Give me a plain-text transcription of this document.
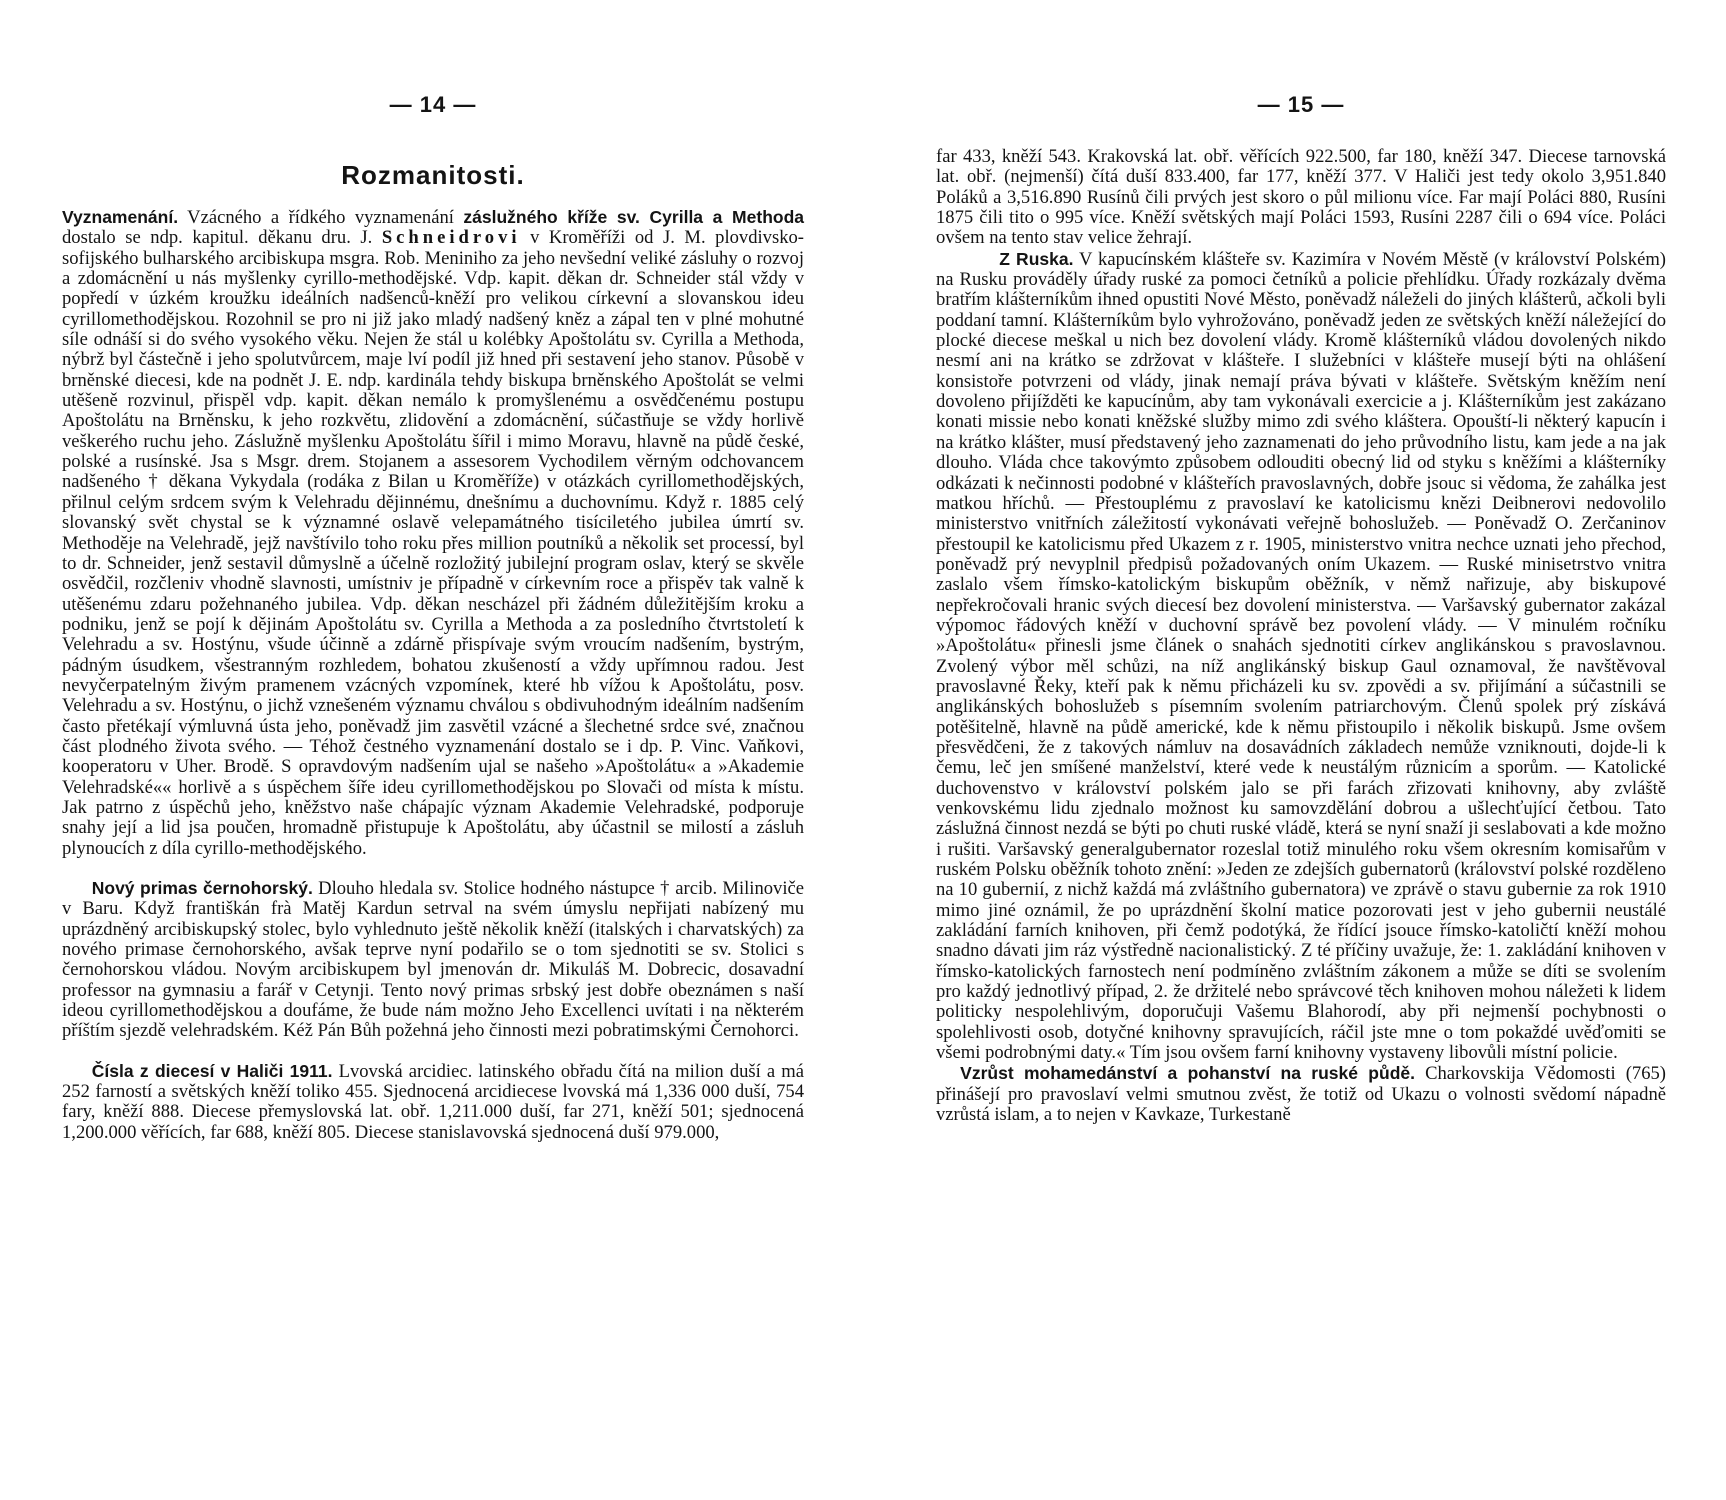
— 14 —
Rozmanitosti.

Vyznamenání. Vzácného a řídkého vyznamenání záslužného kříže sv. Cyrilla a Methoda dostalo se ndp. kapitul. děkanu dru. J. Schneidrovi v Kroměříži od J. M. plovdivsko-sofijského bulharského arcibiskupa msgra. Rob. Meniniho za jeho nevšední veliké zásluhy o rozvoj a zdomácnění u nás myšlenky cyrillo-methodějské. Vdp. kapit. děkan dr. Schneider stál vždy v popředí v úzkém kroužku ideálních nadšenců-kněží pro velikou církevní a slovanskou ideu cyrillomethodějskou. Rozohnil se pro ni již jako mladý nadšený kněz a zápal ten v plné mohutné síle odnáší si do svého vysokého věku. Nejen že stál u kolébky Apoštolátu sv. Cyrilla a Methoda, nýbrž byl částečně i jeho spolutvůrcem, maje lví podíl již hned při sestavení jeho stanov. Působě v brněnské diecesi, kde na podnět J. E. ndp. kardinála tehdy biskupa brněnského Apoštolát se velmi utěšeně rozvinul, přispěl vdp. kapit. děkan nemálo k promyšlenému a osvědčenému postupu Apoštolátu na Brněnsku, k jeho rozkvětu, zlidovění a zdomácnění, súčastňuje se vždy horlivě veškerého ruchu jeho. Záslužně myšlenku Apoštolátu šířil i mimo Moravu, hlavně na půdě české, polské a rusínské. Jsa s Msgr. drem. Stojanem a assesorem Vychodilem věrným odchovancem nadšeného † děkana Vykydala (rodáka z Bilan u Kroměříže) v otázkách cyrillomethodějských, přilnul celým srdcem svým k Velehradu dějinnému, dnešnímu a duchovnímu. Když r. 1885 celý slovanský svět chystal se k významné oslavě velepamátného tisíciletého jubilea úmrtí sv. Methoděje na Velehradě, jejž navštívilo toho roku přes million poutníků a několik set processí, byl to dr. Schneider, jenž sestavil důmyslně a účelně rozložitý jubilejní program oslav, který se skvěle osvědčil, rozčleniv vhodně slavnosti, umístniv je případně v církevním roce a přispěv tak valně k utěšenému zdaru požehnaného jubilea. Vdp. děkan nescházel při žádném důležitějším kroku a podniku, jenž se pojí k dějinám Apoštolátu sv. Cyrilla a Methoda a za posledního čtvrtstoletí k Velehradu a sv. Hostýnu, všude účinně a zdárně přispívaje svým vroucím nadšením, bystrým, pádným úsudkem, všestranným rozhledem, bohatou zkušeností a vždy upřímnou radou. Jest nevyčerpatelným živým pramenem vzácných vzpomínek, které hb vížou k Apoštolátu, posv. Velehradu a sv. Hostýnu, o jichž vznešeném významu chválou s obdivuhodným ideálním nadšením často přetékají výmluvná ústa jeho, poněvadž jim zasvětil vzácné a šlechetné srdce své, značnou část plodného života svého. — Téhož čestného vyznamenání dostalo se i dp. P. Vinc. Vaňkovi, kooperatoru v Uher. Brodě. S opravdovým nadšením ujal se našeho »Apoštolátu« a »Akademie Velehradské«« horlivě a s úspěchem šíře ideu cyrillomethodějskou po Slovači od místa k místu. Jak patrno z úspěchů jeho, kněžstvo naše chápajíc význam Akademie Velehradské, podporuje snahy její a lid jsa poučen, hromadně přistupuje k Apoštolátu, aby účastnil se milostí a zásluh plynoucích z díla cyrillo-methodějského.

Nový primas černohorský. Dlouho hledala sv. Stolice hodného nástupce † arcib. Milinoviče v Baru. Když františkán frà Matěj Kardun setrval na svém úmyslu nepřijati nabízený mu uprázdněný arcibiskupský stolec, bylo vyhlednuto ještě několik kněží (italských i charvatských) za nového primase černohorského, avšak teprve nyní podařilo se o tom sjednotiti se sv. Stolici s černohorskou vládou. Novým arcibiskupem byl jmenován dr. Mikuláš M. Dobrecic, dosavadní professor na gymnasiu a farář v Cetynji. Tento nový primas srbský jest dobře obeznámen s naší ideou cyrillomethodějskou a doufáme, že bude nám možno Jeho Excellenci uvítati i na některém příštím sjezdě velehradském. Kéž Pán Bůh požehná jeho činnosti mezi pobratimskými Černohorci.

Čísla z diecesí v Haliči 1911. Lvovská arcidiec. latinského obřadu čítá na milion duší a má 252 farností a světských kněží toliko 455. Sjednocená arcidiecese lvovská má 1,336 000 duší, 754 fary, kněží 888. Diecese přemyslovská lat. obř. 1,211.000 duší, far 271, kněží 501; sjednocená 1,200.000 věřících, far 688, kněží 805. Diecese stanislavovská sjednocená duší 979.000,

— 15 —

far 433, kněží 543. Krakovská lat. obř. věřících 922.500, far 180, kněží 347. Diecese tarnovská lat. obř. (nejmenší) čítá duší 833.400, far 177, kněží 377. V Haliči jest tedy okolo 3,951.840 Poláků a 3,516.890 Rusínů čili prvých jest skoro o půl milionu více. Far mají Poláci 880, Rusíni 1875 čili tito o 995 více. Kněží světských mají Poláci 1593, Rusíni 2287 čili o 694 více. Poláci ovšem na tento stav velice žehrají.

Z Ruska. V kapucínském klášteře sv. Kazimíra v Novém Městě (v království Polském) na Rusku prováděly úřady ruské za pomoci četníků a policie přehlídku. Úřady rozkázaly dvěma bratřím klášterníkům ihned opustiti Nové Město, poněvadž náleželi do jiných klášterů, ačkoli byli poddaní tamní. Klášterníkům bylo vyhrožováno, poněvadž jeden ze světských kněží náležející do plocké diecese meškal u nich bez dovolení vlády. Kromě klášterníků vládou dovolených nikdo nesmí ani na krátko se zdržovat v klášteře. I služebníci v klášteře musejí býti na ohlášení konsistoře potvrzeni od vlády, jinak nemají práva bývati v klášteře. Světským kněžím není dovoleno přijížděti ke kapucínům, aby tam vykonávali exercicie a j. Klášterníkům jest zakázano konati missie nebo konati kněžské služby mimo zdi svého kláštera. Opouští-li některý kapucín i na krátko klášter, musí představený jeho zaznamenati do jeho průvodního listu, kam jede a na jak dlouho. Vláda chce takovýmto způsobem odlouditi obecný lid od styku s kněžími a klášterníky odkázati k nečinnosti podobné v klášteřích pravoslavných, dobře jsouc si vědoma, že zahálka jest matkou hříchů. — Přestouplému z pravoslaví ke katolicismu knězi Deibnerovi nedovolilo ministerstvo vnitřních záležitostí vykonávati veřejně bohoslužeb. — Poněvadž O. Zerčaninov přestoupil ke katolicismu před Ukazem z r. 1905, ministerstvo vnitra nechce uznati jeho přechod, poněvadž prý nevyplnil předpisů požadovaných oním Ukazem. — Ruské minisetrstvo vnitra zaslalo všem římsko-katolickým biskupům oběžník, v němž nařizuje, aby biskupové nepřekročovali hranic svých diecesí bez dovolení ministerstva. — Varšavský gubernator zakázal výpomoc řádových kněží v duchovní správě bez povolení vlády. — V minulém ročníku »Apoštolátu« přinesli jsme článek o snahách sjednotiti církev anglikánskou s pravoslavnou. Zvolený výbor měl schůzi, na níž anglikánský biskup Gaul oznamoval, že navštěvoval pravoslavné Řeky, kteří pak k němu přicházeli ku sv. zpovědi a sv. přijímání a súčastnili se anglikánských bohoslužeb s písemním svolením patriarchovým. Členů spolek prý získává potěšitelně, hlavně na půdě americké, kde k němu přistoupilo i několik biskupů. Jsme ovšem přesvědčeni, že z takových námluv na dosavádních základech nemůže vzniknouti, dojde-li k čemu, leč jen smíšené manželství, které vede k neustálým různicím a sporům. — Katolické duchovenstvo v království polském jalo se při farách zřizovati knihovny, aby zvláště venkovskému lidu zjednalo možnost ku samovzdělání dobrou a ušlechťující četbou. Tato záslužná činnost nezdá se býti po chuti ruské vládě, která se nyní snaží ji seslabovati a kde možno i rušiti. Varšavský generalgubernator rozeslal totiž minulého roku všem okresním komisařům v ruském Polsku oběžník tohoto znění: »Jeden ze zdejších gubernatorů (království polské rozděleno na 10 gubernií, z nichž každá má zvláštního gubernatora) ve zprávě o stavu gubernie za rok 1910 mimo jiné oznámil, že po uprázdnění školní matice pozorovati jest v jeho gubernii neustálé zakládání farních knihoven, při čemž podotýká, že řídící jsouce římsko-katoličtí kněží mohou snadno dávati jim ráz výstředně nacionalistický. Z té příčiny uvažuje, že: 1. zakládání knihoven v římsko-katolických farnostech není podmíněno zvláštním zákonem a může se díti se svolením pro každý jednotlivý případ, 2. že držitelé nebo správcové těch knihoven mohou náležeti k lidem politicky nespolehlivým, doporučuji Vašemu Blahorodí, aby při nejmenší pochybnosti o spolehlivosti osob, dotyčné knihovny spravujících, ráčil jste mne o tom pokaždé uvěďomiti se všemi podrobnými daty.« Tím jsou ovšem farní knihovny vystaveny libovůli místní policie.

Vzrůst mohamedánství a pohanství na ruské půdě. Charkovskija Vědomosti (765) přinášejí pro pravoslaví velmi smutnou zvěst, že totiž od Ukazu o volnosti svědomí nápadně vzrůstá islam, a to nejen v Kavkaze, Turkestaně
